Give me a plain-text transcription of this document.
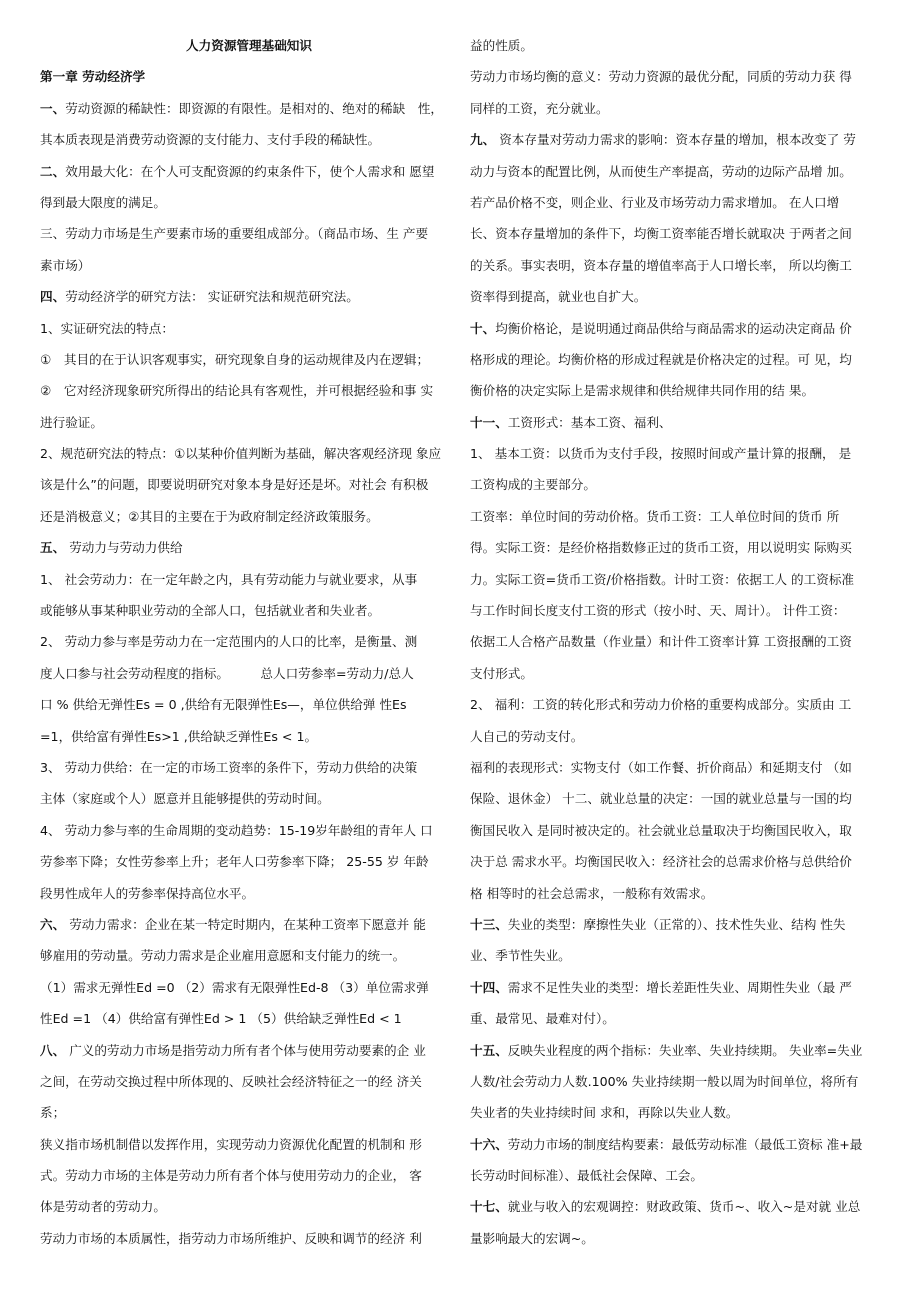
人力资源管理基础知识
第一章 劳动经济学
一、劳动资源的稀缺性：即资源的有限性。是相对的、绝对的稀缺　性，
其本质表现是消费劳动资源的支付能力、支付手段的稀缺性。
二、效用最大化：在个人可支配资源的约束条件下，使个人需求和 愿望
得到最大限度的满足。
三、劳动力市场是生产要素市场的重要组成部分。（商品市场、生 产要
素市场）
四、劳动经济学的研究方法： 实证研究法和规范研究法。
1、实证研究法的特点：
①　其目的在于认识客观事实，研究现象自身的运动规律及内在逻辑；
②　它对经济现象研究所得出的结论具有客观性，并可根据经验和事 实
进行验证。
2、规范研究法的特点：①以某种价值判断为基础，解决客观经济现 象应
该是什么”的问题，即要说明研究对象本身是好还是坏。对社会 有积极
还是消极意义；②其目的主要在于为政府制定经济政策服务。
五、 劳动力与劳动力供给
1、 社会劳动力：在一定年龄之内，具有劳动能力与就业要求，从事
或能够从事某种职业劳动的全部人口，包括就业者和失业者。
2、 劳动力参与率是劳动力在一定范围内的人口的比率，是衡量、测
度人口参与社会劳动程度的指标。　　　总人口劳参率=劳动力/总人
口 % 供给无弹性Es = 0 ,供给有无限弹性Es—，单位供给弹 性Es
=1，供给富有弹性Es>1 ,供给缺乏弹性Es < 1。
3、 劳动力供给：在一定的市场工资率的条件下，劳动力供给的决策
主体（家庭或个人）愿意并且能够提供的劳动时间。
4、 劳动力参与率的生命周期的变动趋势：15-19岁年龄组的青年人 口
劳参率下降；女性劳参率上升；老年人口劳参率下降； 25-55 岁 年龄
段男性成年人的劳参率保持高位水平。
六、 劳动力需求：企业在某一特定时期内，在某种工资率下愿意并 能
够雇用的劳动量。劳动力需求是企业雇用意愿和支付能力的统一。
（1）需求无弹性Ed =0 （2）需求有无限弹性Ed-8 （3）单位需求弹
性Ed =1 （4）供给富有弹性Ed > 1 （5）供给缺乏弹性Ed < 1
八、 广义的劳动力市场是指劳动力所有者个体与使用劳动要素的企 业
之间，在劳动交换过程中所体现的、反映社会经济特征之一的经 济关
系；
狭义指市场机制借以发挥作用，实现劳动力资源优化配置的机制和 形
式。劳动力市场的主体是劳动力所有者个体与使用劳动力的企业， 客
体是劳动者的劳动力。
劳动力市场的本质属性，指劳动力市场所维护、反映和调节的经济 利
益的性质。
劳动力市场均衡的意义：劳动力资源的最优分配，同质的劳动力获 得
同样的工资，充分就业。
九、 资本存量对劳动力需求的影响：资本存量的增加，根本改变了 劳
动力与资本的配置比例，从而使生产率提高，劳动的边际产品增 加。
若产品价格不变，则企业、行业及市场劳动力需求增加。 在人口增
长、资本存量增加的条件下，均衡工资率能否增长就取决 于两者之间
的关系。事实表明，资本存量的增值率高于人口增长率， 所以均衡工
资率得到提高，就业也自扩大。
十、均衡价格论，是说明通过商品供给与商品需求的运动决定商品 价
格形成的理论。均衡价格的形成过程就是价格决定的过程。可 见，均
衡价格的决定实际上是需求规律和供给规律共同作用的结 果。
十一、工资形式：基本工资、福利、
1、 基本工资：以货币为支付手段，按照时间或产量计算的报酬， 是
工资构成的主要部分。
工资率：单位时间的劳动价格。货币工资：工人单位时间的货币 所
得。实际工资：是经价格指数修正过的货币工资，用以说明实 际购买
力。实际工资=货币工资/价格指数。计时工资：依据工人 的工资标准
与工作时间长度支付工资的形式（按小时、天、周计）。 计件工资：
依据工人合格产品数量（作业量）和计件工资率计算 工资报酬的工资
支付形式。
2、 福利：工资的转化形式和劳动力价格的重要构成部分。实质由 工
人自己的劳动支付。
福利的表现形式：实物支付（如工作餐、折价商品）和延期支付 （如
保险、退休金） 十二、就业总量的决定：一国的就业总量与一国的均
衡国民收入 是同时被决定的。社会就业总量取决于均衡国民收入，取
决于总 需求水平。均衡国民收入：经济社会的总需求价格与总供给价
格 相等时的社会总需求，一般称有效需求。
十三、失业的类型：摩擦性失业（正常的）、技术性失业、结构 性失
业、季节性失业。
十四、需求不足性失业的类型：增长差距性失业、周期性失业（最 严
重、最常见、最难对付）。
十五、反映失业程度的两个指标：失业率、失业持续期。 失业率=失业
人数/社会劳动力人数.100% 失业持续期一般以周为时间单位，将所有
失业者的失业持续时间 求和，再除以失业人数。
十六、劳动力市场的制度结构要素：最低劳动标准（最低工资标 准+最
长劳动时间标准）、最低社会保障、工会。
十七、就业与收入的宏观调控：财政政策、货币~、收入~是对就 业总
量影响最大的宏调~。
